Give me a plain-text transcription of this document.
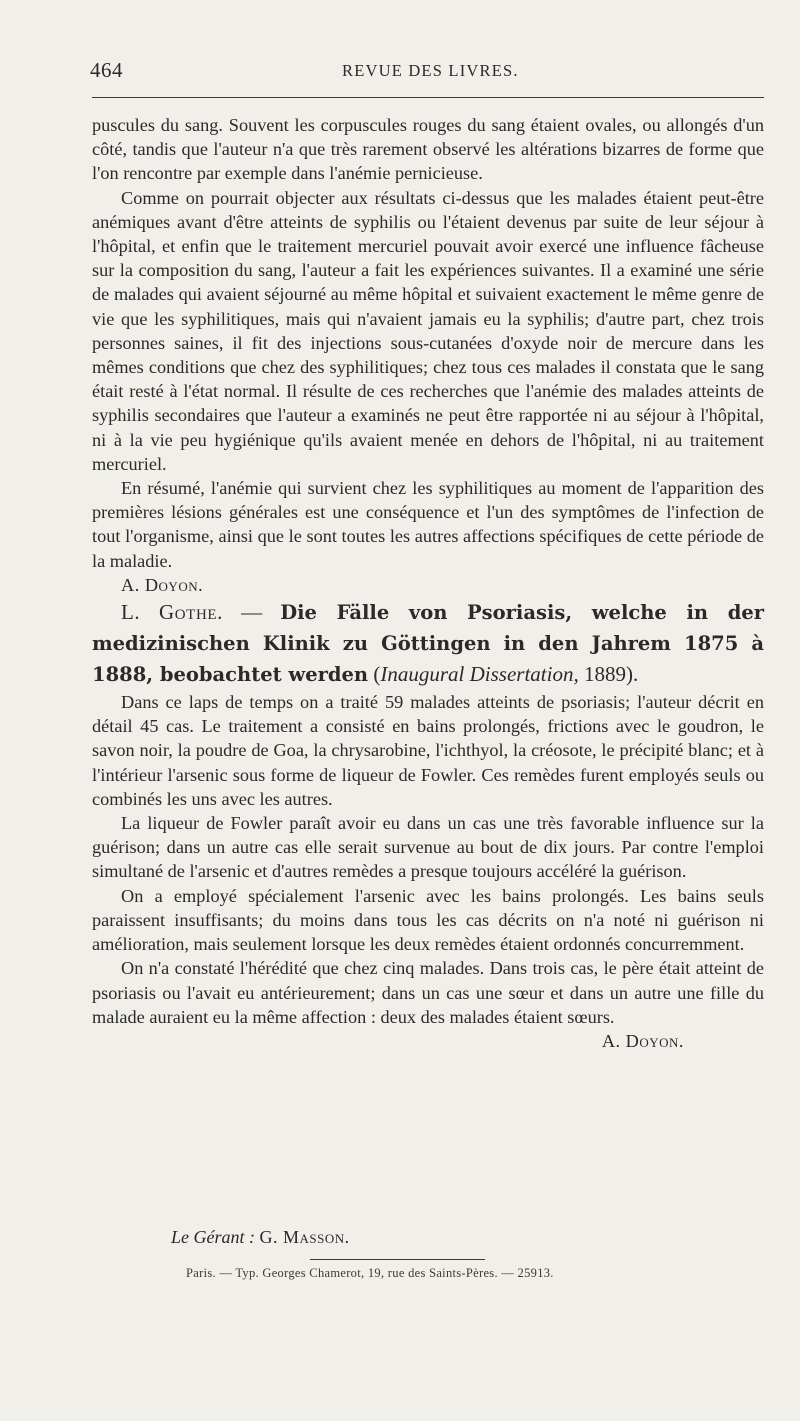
464	REVUE DES LIVRES.

puscules du sang. Souvent les corpuscules rouges du sang étaient ovales, ou allongés d'un côté, tandis que l'auteur n'a que très rarement observé les altérations bizarres de forme que l'on rencontre par exemple dans l'anémie pernicieuse.

Comme on pourrait objecter aux résultats ci-dessus que les malades étaient peut-être anémiques avant d'être atteints de syphilis ou l'étaient devenus par suite de leur séjour à l'hôpital, et enfin que le traitement mercuriel pouvait avoir exercé une influence fâcheuse sur la composition du sang, l'auteur a fait les expériences suivantes. Il a examiné une série de malades qui avaient séjourné au même hôpital et suivaient exactement le même genre de vie que les syphilitiques, mais qui n'avaient jamais eu la syphilis; d'autre part, chez trois personnes saines, il fit des injections sous-cutanées d'oxyde noir de mercure dans les mêmes conditions que chez des syphilitiques; chez tous ces malades il constata que le sang était resté à l'état normal. Il résulte de ces recherches que l'anémie des malades atteints de syphilis secondaires que l'auteur a examinés ne peut être rapportée ni au séjour à l'hôpital, ni à la vie peu hygiénique qu'ils avaient menée en dehors de l'hôpital, ni au traitement mercuriel.

En résumé, l'anémie qui survient chez les syphilitiques au moment de l'apparition des premières lésions générales est une conséquence et l'un des symptômes de l'infection de tout l'organisme, ainsi que le sont toutes les autres affections spécifiques de cette période de la maladie.

A. Doyon.

L. Gothe. — Die Fälle von Psoriasis, welche in der medizinischen Klinik zu Göttingen in den Jahrem 1875 à 1888, beobachtet werden (Inaugural Dissertation, 1889).

Dans ce laps de temps on a traité 59 malades atteints de psoriasis; l'auteur décrit en détail 45 cas. Le traitement a consisté en bains prolongés, frictions avec le goudron, le savon noir, la poudre de Goa, la chrysarobine, l'ichthyol, la créosote, le précipité blanc; et à l'intérieur l'arsenic sous forme de liqueur de Fowler. Ces remèdes furent employés seuls ou combinés les uns avec les autres.

La liqueur de Fowler paraît avoir eu dans un cas une très favorable influence sur la guérison; dans un autre cas elle serait survenue au bout de dix jours. Par contre l'emploi simultané de l'arsenic et d'autres remèdes a presque toujours accéléré la guérison.

On a employé spécialement l'arsenic avec les bains prolongés. Les bains seuls paraissent insuffisants; du moins dans tous les cas décrits on n'a noté ni guérison ni amélioration, mais seulement lorsque les deux remèdes étaient ordonnés concurremment.

On n'a constaté l'hérédité que chez cinq malades. Dans trois cas, le père était atteint de psoriasis ou l'avait eu antérieurement; dans un cas une sœur et dans un autre une fille du malade auraient eu la même affection : deux des malades étaient sœurs.

A. Doyon.

Le Gérant : G. Masson.
Paris. — Typ. Georges Chamerot, 19, rue des Saints-Pères. — 25913.
